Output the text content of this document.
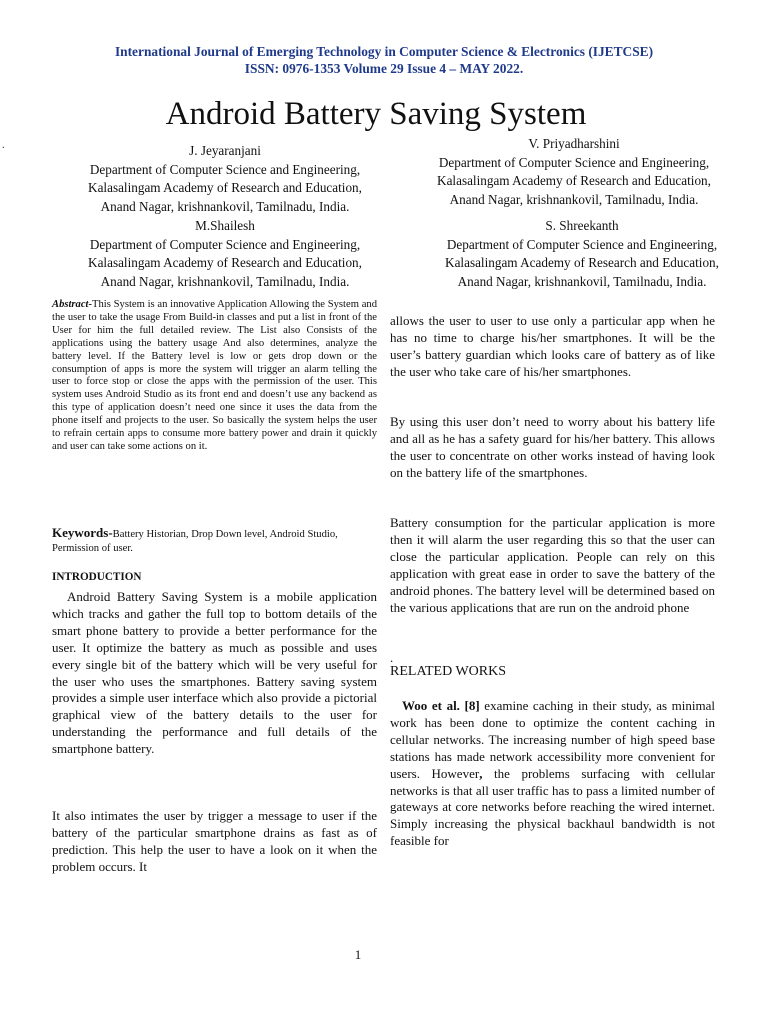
.
International Journal of Emerging Technology in Computer Science & Electronics (IJETCSE)
ISSN: 0976-1353 Volume 29 Issue 4 – MAY 2022.
Android Battery Saving System
J. Jeyaranjani
Department of Computer Science and Engineering,
Kalasalingam Academy of Research and Education,
Anand Nagar, krishnankovil, Tamilnadu, India.
V. Priyadharshini
Department of Computer Science and Engineering,
Kalasalingam Academy of Research and Education,
Anand Nagar, krishnankovil, Tamilnadu, India.
M.Shailesh
Department of Computer Science and Engineering,
Kalasalingam Academy of Research and Education,
Anand Nagar, krishnankovil, Tamilnadu, India.
S. Shreekanth
Department of Computer Science and Engineering,
Kalasalingam Academy of Research and Education,
Anand Nagar, krishnankovil, Tamilnadu, India.
Abstract-This System is an innovative Application Allowing the System and the user to take the usage From Build-in classes and put a list in front of the User for him the full detailed review. The List also Consists of the applications using the battery usage And also determines, analyze the battery level. If the Battery level is low or gets drop down or the consumption of apps is more the system will trigger an alarm telling the user to force stop or close the apps with the permission of the user. This system uses Android Studio as its front end and doesn’t use any backend as this type of application doesn’t need one since it uses the data from the phone itself and projects to the user. So basically the system helps the user to refrain certain apps to consume more battery power and drain it quickly and user can take some actions on it.
Keywords-Battery Historian, Drop Down level, Android Studio, Permission of user.
INTRODUCTION
Android Battery Saving System is a mobile application which tracks and gather the full top to bottom details of the smart phone battery to provide a better performance for the user. It optimize the battery as much as possible and uses every single bit of the battery which will be very useful for the user who uses the smartphones. Battery saving system provides a simple user interface which also provide a pictorial graphical view of the battery details to the user for understanding the performance and full details of the smartphone battery.
It also intimates the user by trigger a message to user if the battery of the particular smartphone drains as fast as of prediction. This help the user to have a look on it when the problem occurs. It
allows the user to user to use only a particular app when he has no time to charge his/her smartphones. It will be the user’s battery guardian which looks care of battery as of like the user who take care of his/her smartphones.
By using this user don’t need to worry about his battery life and all as he has a safety guard for his/her battery. This allows the user to concentrate on other works instead of having look on the battery life of the smartphones.
Battery consumption for the particular application is more then it will alarm the user regarding this so that the user can close the particular application. People can rely on this application with great ease in order to save the battery of the android phones. The battery level will be determined based on the various applications that are run on the android phone
.
RELATED WORKS
Woo et al. [8] examine caching in their study, as minimal work has been done to optimize the content caching in cellular networks. The increasing number of high speed base stations has made network accessibility more convenient for users. However, the problems surfacing with cellular networks is that all user traffic has to pass a limited number of gateways at core networks before reaching the wired internet. Simply increasing the physical backhaul bandwidth is not feasible for
1
